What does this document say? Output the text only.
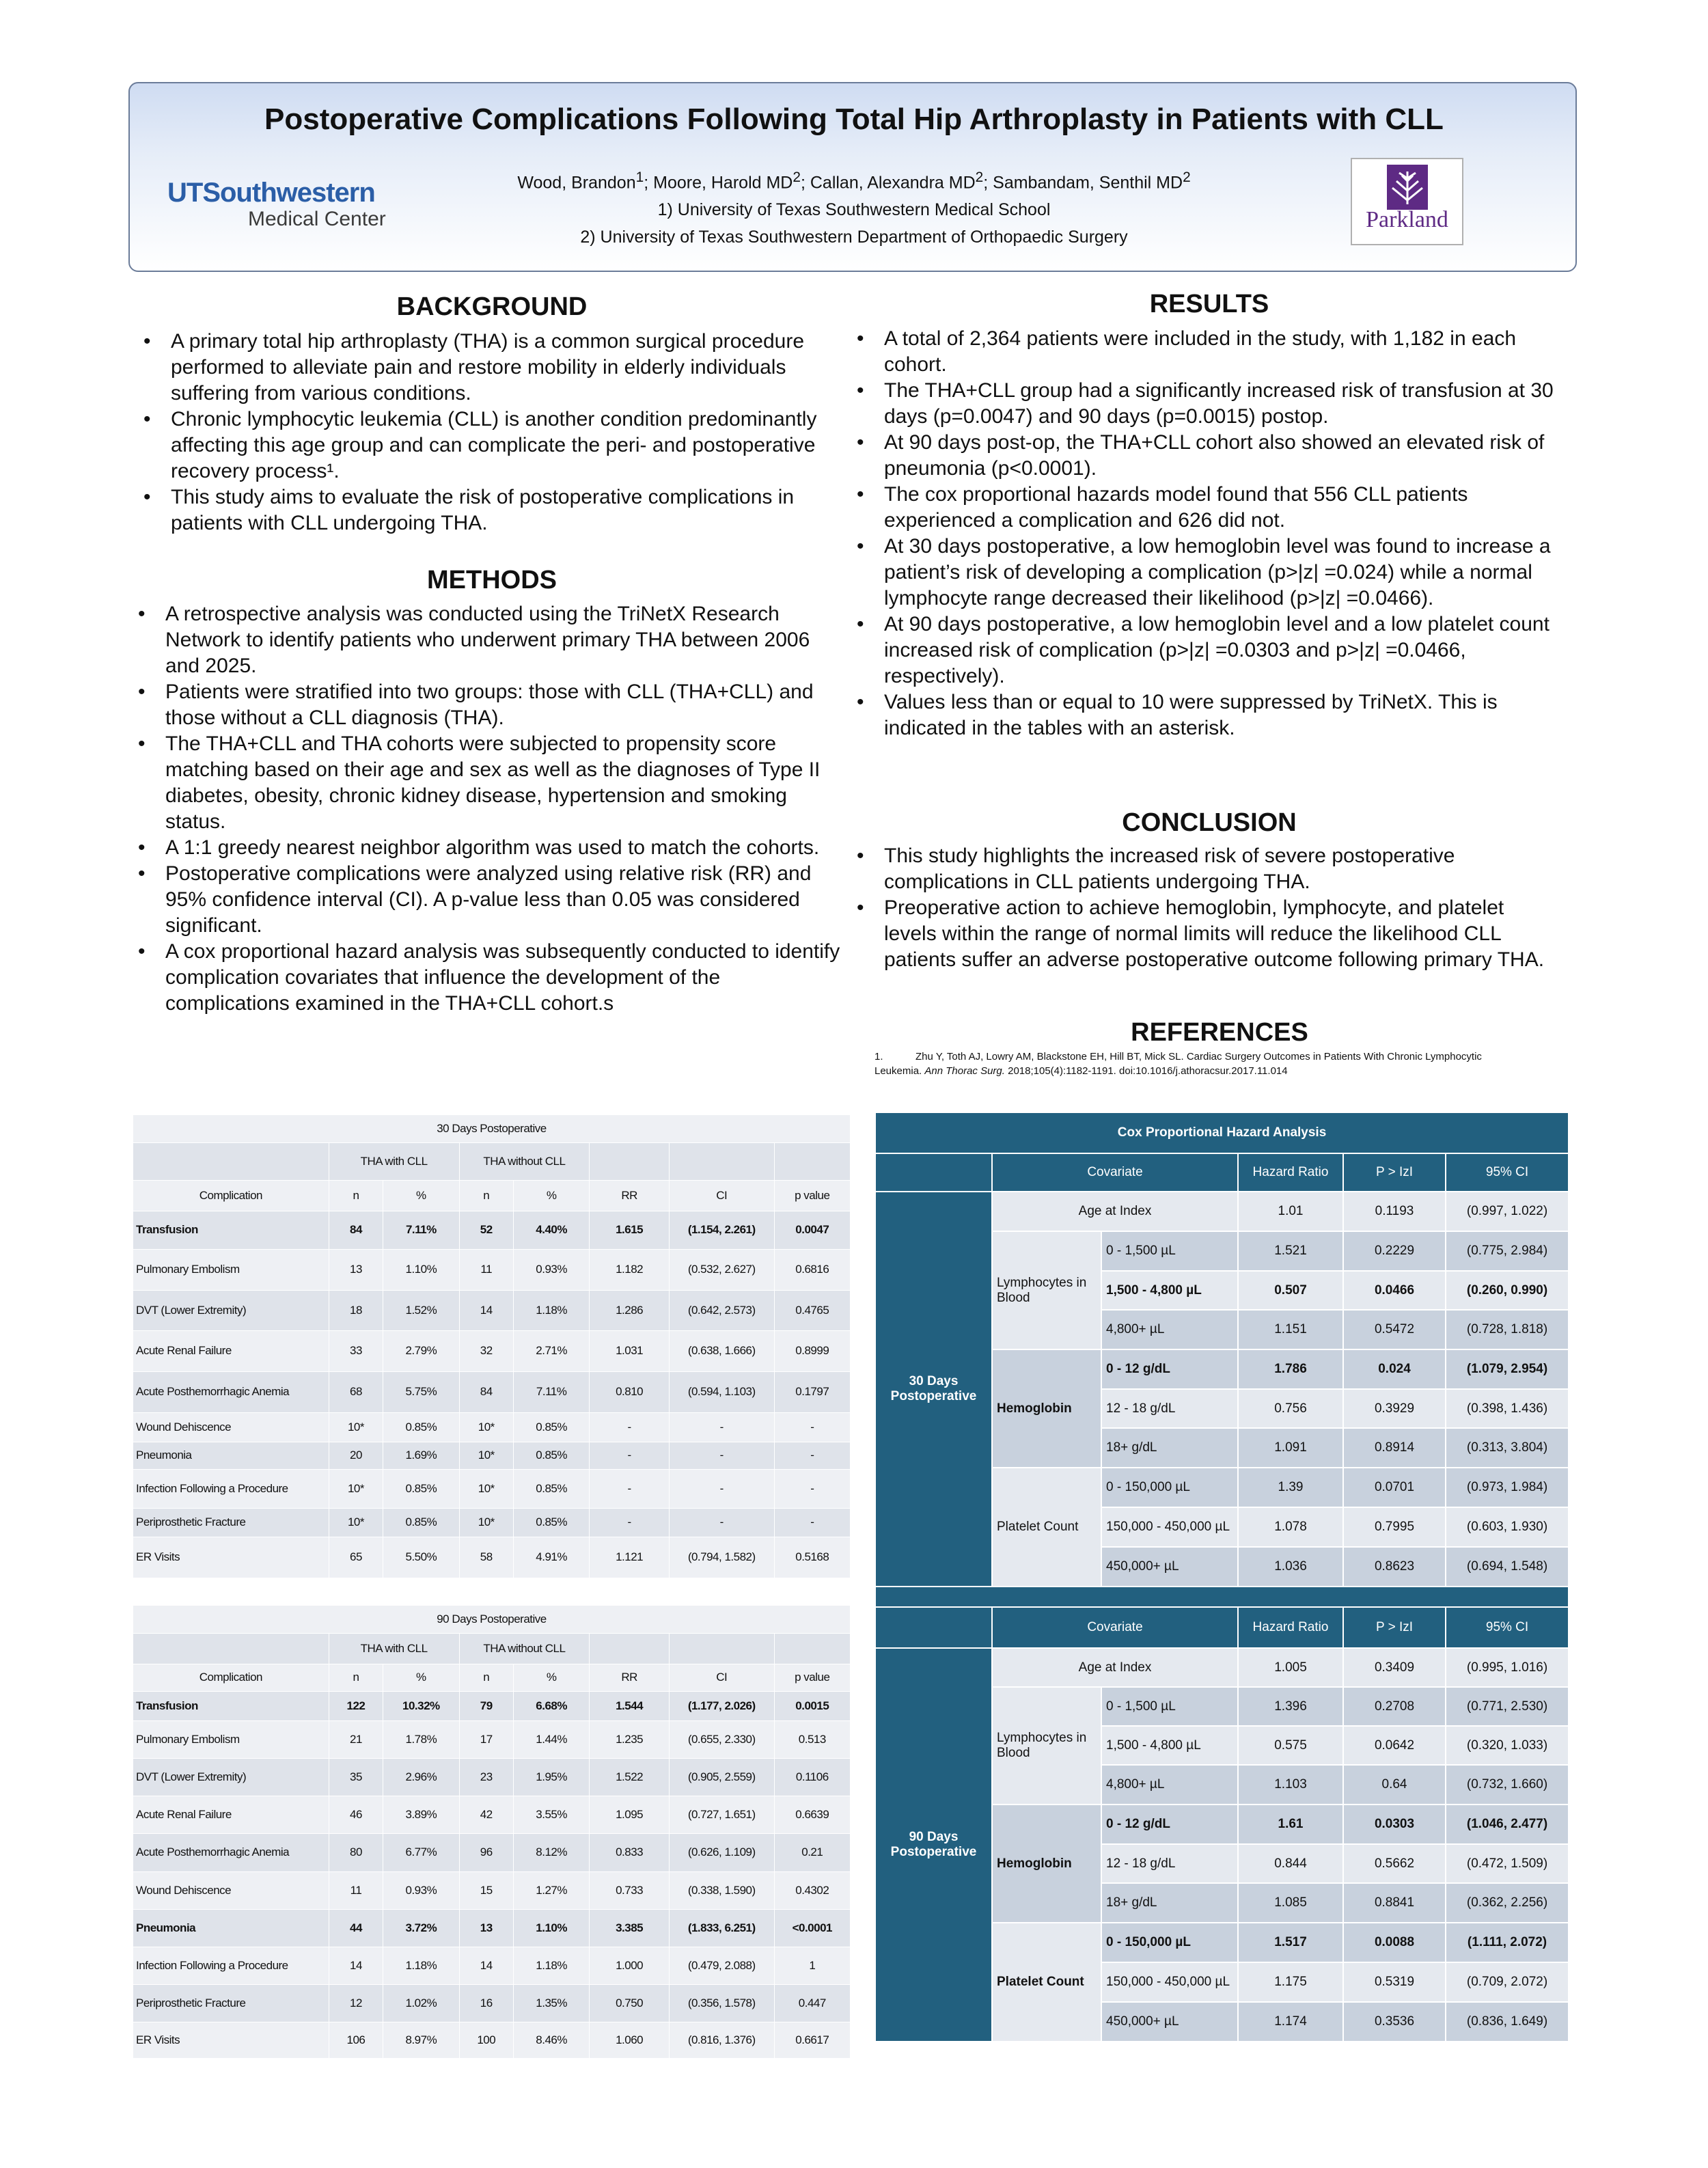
Postoperative Complications Following Total Hip Arthroplasty in Patients with CLL
Wood, Brandon$^1$; Moore, Harold $MD^2$; Callan, Alexandra $MD^2$; Sambandam, Senthil $MD^2$
1) University of Texas Southwestern Medical School
2) University of Texas Southwestern Department of Orthopaedic Surgery
UTSouthwestern
Medical Center	Parkland
BACKGROUND
• A primary total hip arthroplasty (THA) is a common surgical procedure performed to alleviate pain and restore mobility in elderly individuals suffering from various conditions.
• Chronic lymphocytic leukemia (CLL) is another condition predominantly affecting this age group and can complicate the peri- and postoperative recovery process¹.
• This study aims to evaluate the risk of postoperative complications in patients with CLL undergoing THA.
METHODS
• A retrospective analysis was conducted using the TriNetX Research Network to identify patients who underwent primary THA between 2006 and 2025.
• Patients were stratified into two groups: those with CLL (THA+CLL) and those without a CLL diagnosis (THA).
• The THA+CLL and THA cohorts were subjected to propensity score matching based on their age and sex as well as the diagnoses of Type II diabetes, obesity, chronic kidney disease, hypertension and smoking status.
• A 1:1 greedy nearest neighbor algorithm was used to match the cohorts.
• Postoperative complications were analyzed using relative risk (RR) and 95% confidence interval (CI). A p-value less than 0.05 was considered significant.
• A cox proportional hazard analysis was subsequently conducted to identify complication covariates that influence the development of the complications examined in the THA+CLL cohort.s
RESULTS
• A total of 2,364 patients were included in the study, with 1,182 in each cohort.
• The THA+CLL group had a significantly increased risk of transfusion at 30 days (p=0.0047) and 90 days (p=0.0015) postop.
• At 90 days post-op, the THA+CLL cohort also showed an elevated risk of pneumonia (p<0.0001).
• The cox proportional hazards model found that 556 CLL patients experienced a complication and 626 did not.
• At 30 days postoperative, a low hemoglobin level was found to increase a patient’s risk of developing a complication (p>|z| =0.024) while a normal lymphocyte range decreased their likelihood (p>|z| =0.0466).
• At 90 days postoperative, a low hemoglobin level and a low platelet count increased risk of complication (p>|z| =0.0303 and p>|z| =0.0466, respectively).
• Values less than or equal to 10 were suppressed by TriNetX. This is indicated in the tables with an asterisk.
CONCLUSION
• This study highlights the increased risk of severe postoperative complications in CLL patients undergoing THA.
• Preoperative action to achieve hemoglobin, lymphocyte, and platelet levels within the range of normal limits will reduce the likelihood CLL patients suffer an adverse postoperative outcome following primary THA.
REFERENCES
1.	Zhu Y, Toth AJ, Lowry AM, Blackstone EH, Hill BT, Mick SL. Cardiac Surgery Outcomes in Patients With Chronic Lymphocytic Leukemia. Ann Thorac Surg. 2018;105(4):1182-1191. doi:10.1016/j.athoracsur.2017.11.014
30 Days Postoperative							
	THA with CLL		THA without CLL				
Complication	n	%	n	%	RR	CI	p value
Transfusion	84	7.11%	52	4.40%	1.615	(1.154, 2.261)	0.0047
Pulmonary Embolism	13	1.10%	11	0.93%	1.182	(0.532, 2.627)	0.6816
DVT (Lower Extremity)	18	1.52%	14	1.18%	1.286	(0.642, 2.573)	0.4765
Acute Renal Failure	33	2.79%	32	2.71%	1.031	(0.638, 1.666)	0.8999
Acute Posthemorrhagic Anemia	68	5.75%	84	7.11%	0.810	(0.594, 1.103)	0.1797
Wound Dehiscence	10*	0.85%	10*	0.85%	-	-	-
Pneumonia	20	1.69%	10*	0.85%	-	-	-
Infection Following a Procedure	10*	0.85%	10*	0.85%	-	-	-
Periprosthetic Fracture	10*	0.85%	10*	0.85%	-	-	-
ER Visits	65	5.50%	58	4.91%	1.121	(0.794, 1.582)	0.5168
90 Days Postoperative							
	THA with CLL		THA without CLL				
Complication	n	%	n	%	RR	CI	p value
Transfusion	122	10.32%	79	6.68%	1.544	(1.177, 2.026)	0.0015
Pulmonary Embolism	21	1.78%	17	1.44%	1.235	(0.655, 2.330)	0.513
DVT (Lower Extremity)	35	2.96%	23	1.95%	1.522	(0.905, 2.559)	0.1106
Acute Renal Failure	46	3.89%	42	3.55%	1.095	(0.727, 1.651)	0.6639
Acute Posthemorrhagic Anemia	80	6.77%	96	8.12%	0.833	(0.626, 1.109)	0.21
Wound Dehiscence	11	0.93%	15	1.27%	0.733	(0.338, 1.590)	0.4302
Pneumonia	44	3.72%	13	1.10%	3.385	(1.833, 6.251)	<0.0001
Infection Following a Procedure	14	1.18%	14	1.18%	1.000	(0.479, 2.088)	1
Periprosthetic Fracture	12	1.02%	16	1.35%	0.750	(0.356, 1.578)	0.447
ER Visits	106	8.97%	100	8.46%	1.060	(0.816, 1.376)	0.6617
Cox Proportional Hazard Analysis					
	Covariate		Hazard Ratio	P > IzI	95% CI
30 Days Postoperative	Age at Index		1.01	0.1193	(0.997, 1.022)
	Lymphocytes in Blood	0 - 1,500 µL	1.521	0.2229	(0.775, 2.984)
		1,500 - 4,800 µL	0.507	0.0466	(0.260, 0.990)
		4,800+ µL	1.151	0.5472	(0.728, 1.818)
	Hemoglobin	0 - 12 g/dL	1.786	0.024	(1.079, 2.954)
		12 - 18 g/dL	0.756	0.3929	(0.398, 1.436)
		18+ g/dL	1.091	0.8914	(0.313, 3.804)
	Platelet Count	0 - 150,000 µL	1.39	0.0701	(0.973, 1.984)
		150,000 - 450,000 µL	1.078	0.7995	(0.603, 1.930)
		450,000+ µL	1.036	0.8623	(0.694, 1.548)

	Covariate		Hazard Ratio	P > IzI	95% CI
90 Days Postoperative	Age at Index		1.005	0.3409	(0.995, 1.016)
	Lymphocytes in Blood	0 - 1,500 µL	1.396	0.2708	(0.771, 2.530)
		1,500 - 4,800 µL	0.575	0.0642	(0.320, 1.033)
		4,800+ µL	1.103	0.64	(0.732, 1.660)
	Hemoglobin	0 - 12 g/dL	1.61	0.0303	(1.046, 2.477)
		12 - 18 g/dL	0.844	0.5662	(0.472, 1.509)
		18+ g/dL	1.085	0.8841	(0.362, 2.256)
	Platelet Count	0 - 150,000 µL	1.517	0.0088	(1.111, 2.072)
		150,000 - 450,000 µL	1.175	0.5319	(0.709, 2.072)
		450,000+ µL	1.174	0.3536	(0.836, 1.649)
